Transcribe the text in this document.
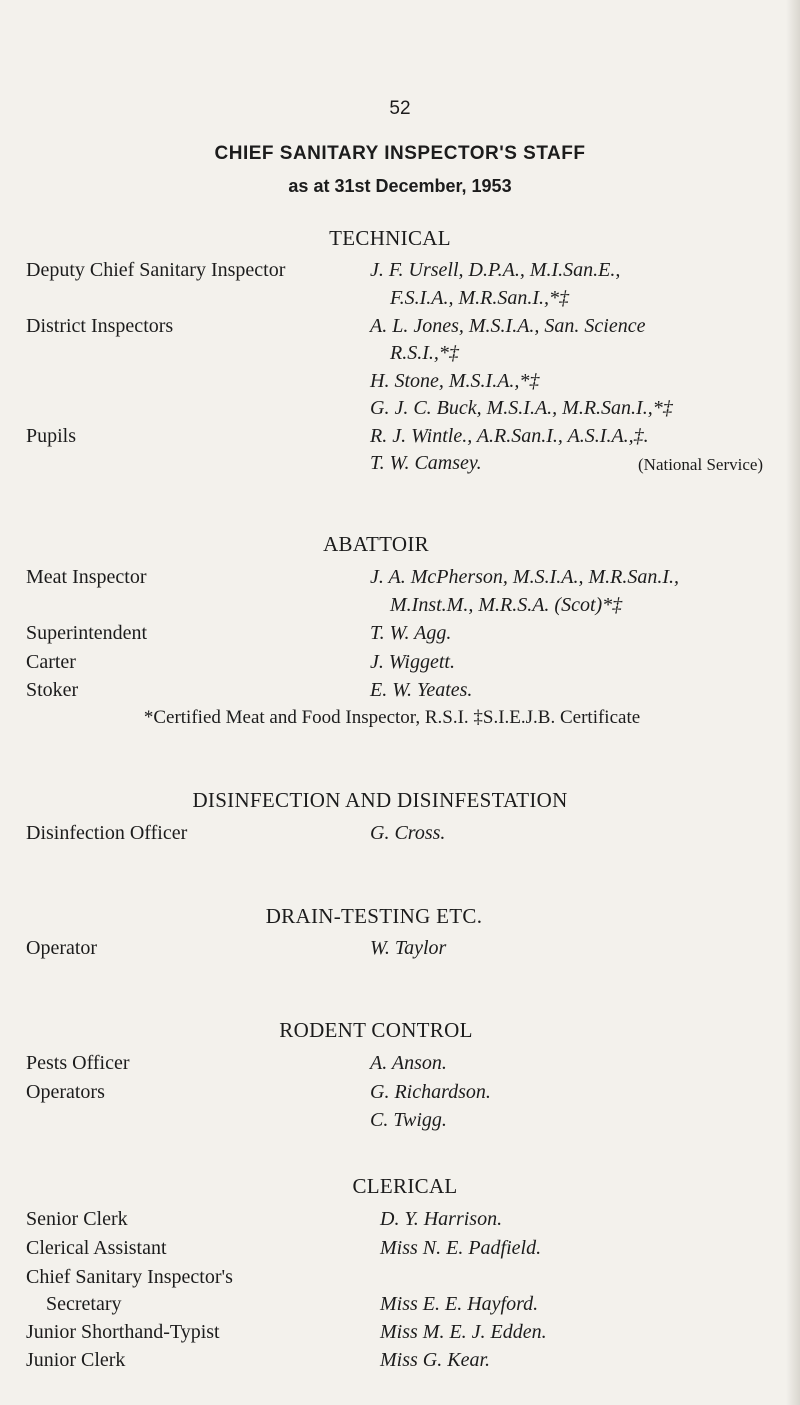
52
CHIEF SANITARY INSPECTOR'S STAFF
as at 31st December, 1953
TECHNICAL
Deputy Chief Sanitary Inspector	J. F. Ursell, D.P.A., M.I.San.E.,
F.S.I.A., M.R.San.I.,*‡
District Inspectors	A. L. Jones, M.S.I.A., San. Science
R.S.I.,*‡
H. Stone, M.S.I.A.,*‡
G. J. C. Buck, M.S.I.A., M.R.San.I.,*‡
Pupils	R. J. Wintle., A.R.San.I., A.S.I.A.,‡.
T. W. Camsey.	(National Service)
ABATTOIR
Meat Inspector	J. A. McPherson, M.S.I.A., M.R.San.I.,
M.Inst.M., M.R.S.A. (Scot)*‡
Superintendent	T. W. Agg.
Carter	J. Wiggett.
Stoker	E. W. Yeates.
*Certified Meat and Food Inspector, R.S.I. ‡S.I.E.J.B. Certificate
DISINFECTION AND DISINFESTATION
Disinfection Officer	G. Cross.
DRAIN-TESTING ETC.
Operator	W. Taylor
RODENT CONTROL
Pests Officer	A. Anson.
Operators	G. Richardson.
C. Twigg.
CLERICAL
Senior Clerk	D. Y. Harrison.
Clerical Assistant	Miss N. E. Padfield.
Chief Sanitary Inspector's
Secretary	Miss E. E. Hayford.
Junior Shorthand-Typist	Miss M. E. J. Edden.
Junior Clerk	Miss G. Kear.
